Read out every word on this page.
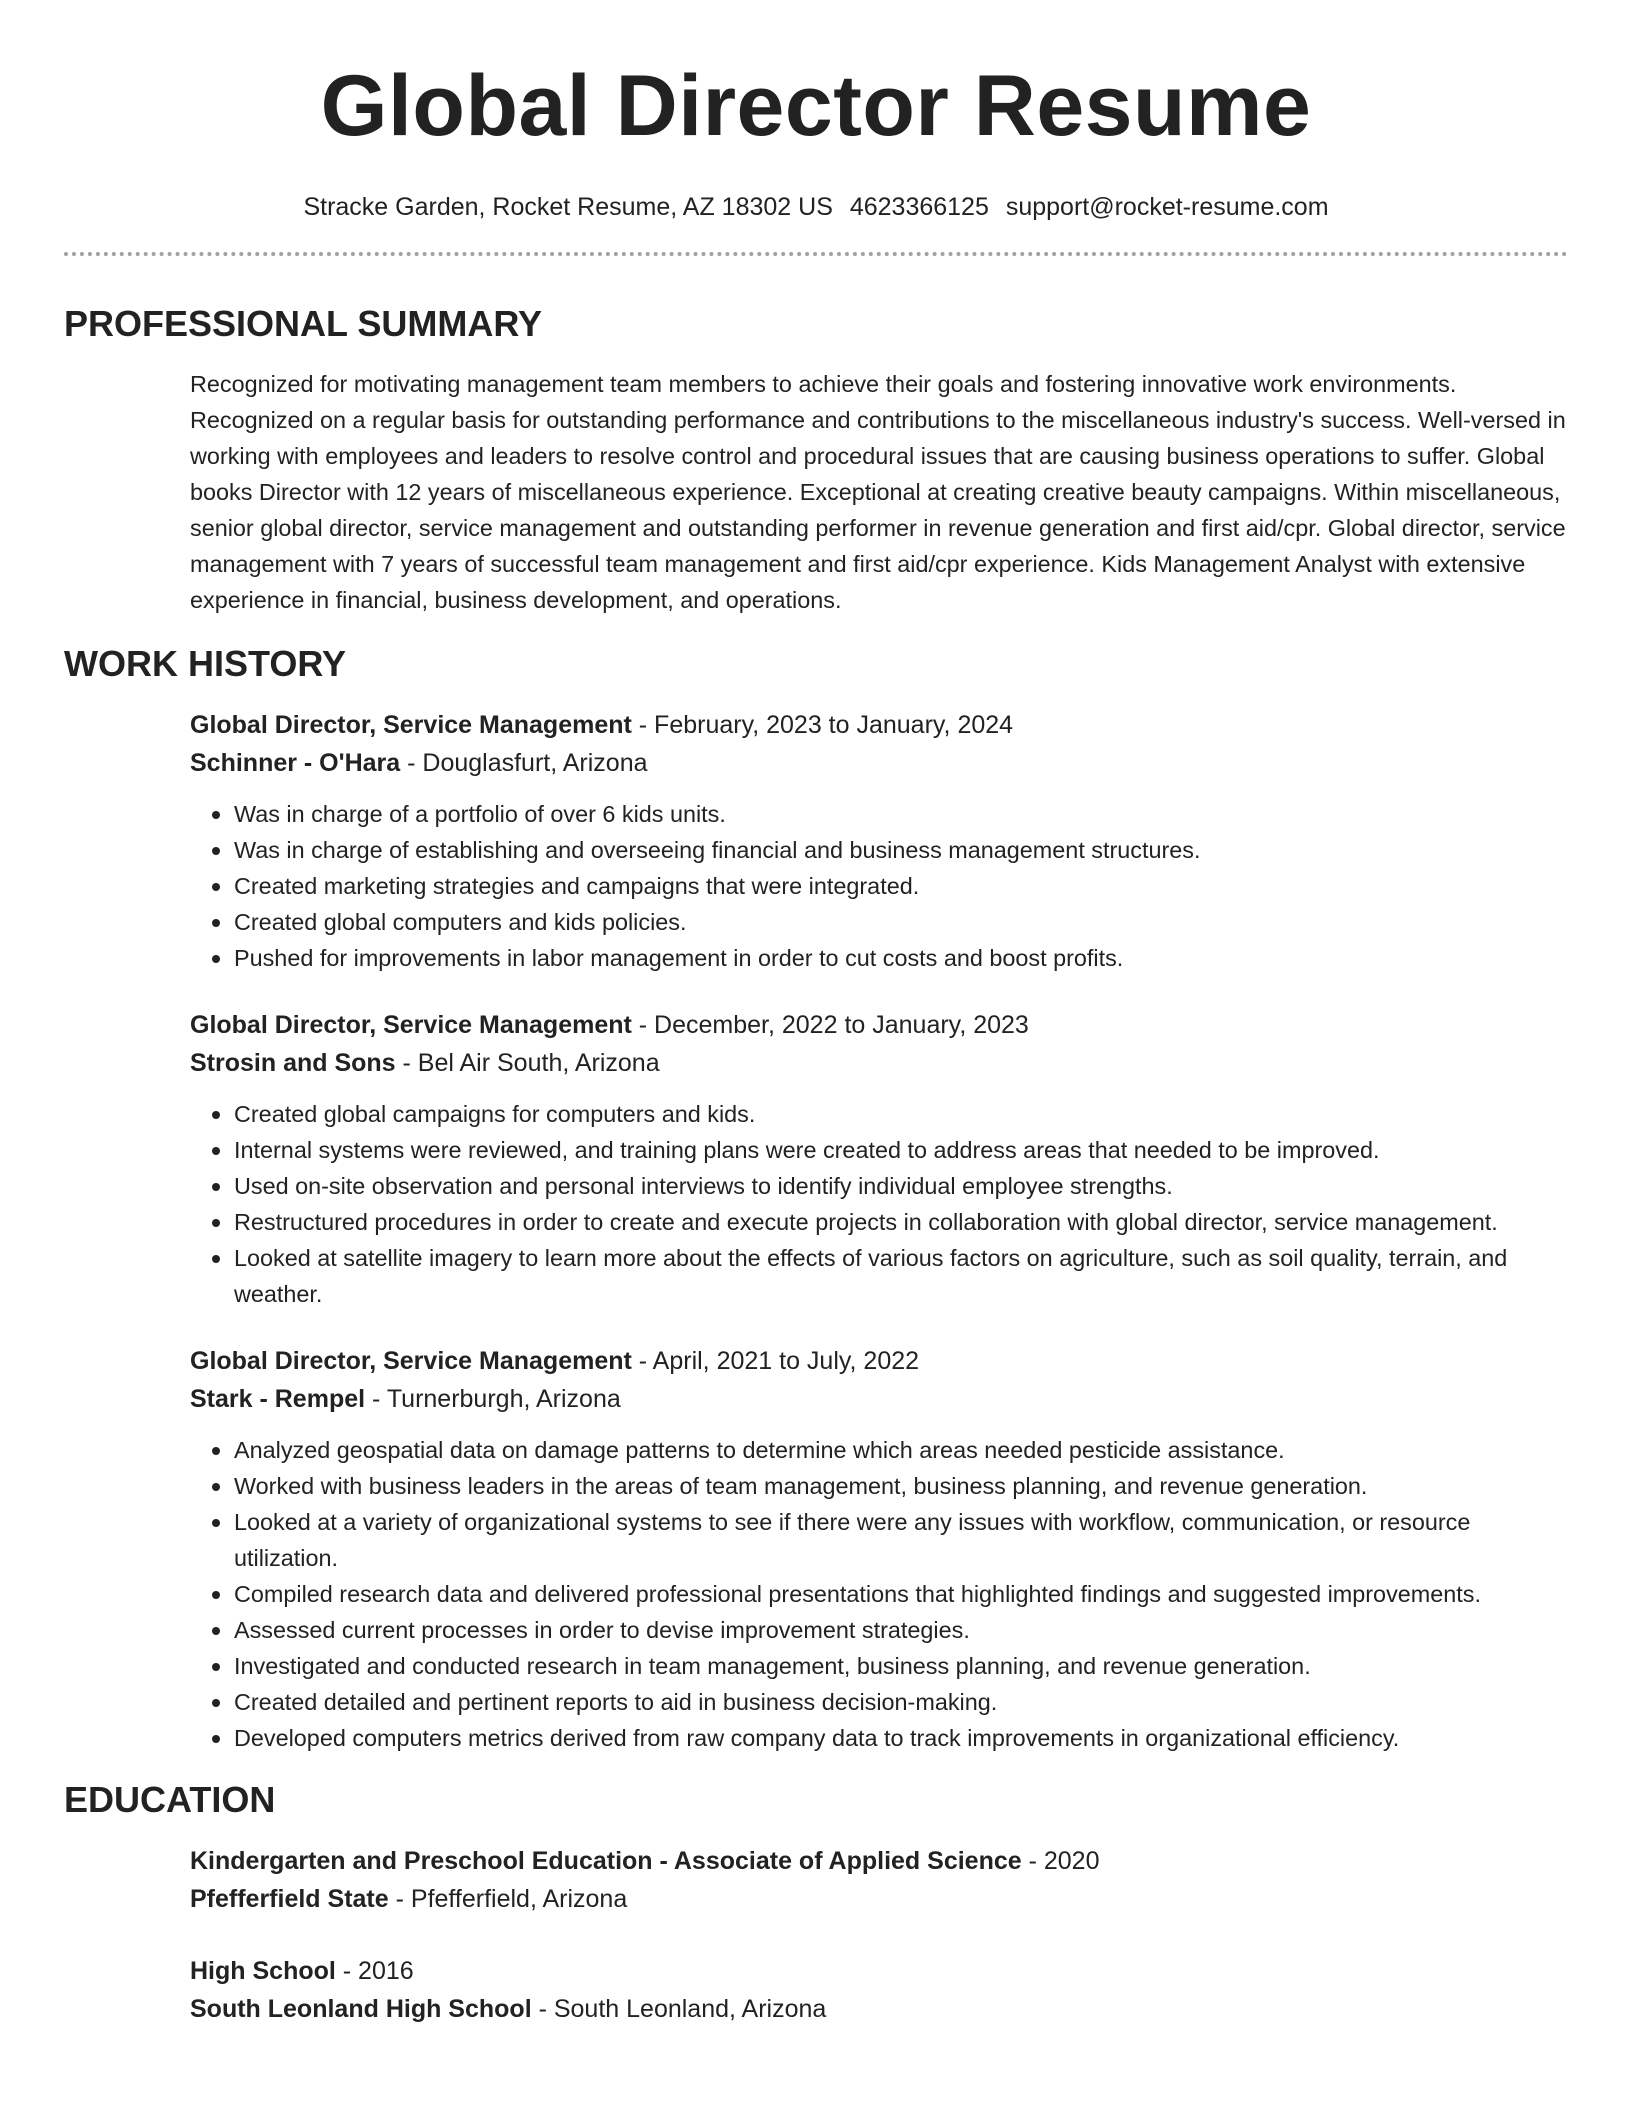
Global Director Resume
Stracke Garden, Rocket Resume, AZ 18302 US 4623366125 support@rocket-resume.com
PROFESSIONAL SUMMARY

Recognized for motivating management team members to achieve their goals and fostering innovative work environments. Recognized on a regular basis for outstanding performance and contributions to the miscellaneous industry's success. Well-versed in working with employees and leaders to resolve control and procedural issues that are causing business operations to suffer. Global books Director with 12 years of miscellaneous experience. Exceptional at creating creative beauty campaigns. Within miscellaneous, senior global director, service management and outstanding performer in revenue generation and first aid/cpr. Global director, service management with 7 years of successful team management and first aid/cpr experience. Kids Management Analyst with extensive experience in financial, business development, and operations.

WORK HISTORY
Global Director, Service Management - February, 2023 to January, 2024
Schinner - O'Hara - Douglasfurt, Arizona
Was in charge of a portfolio of over 6 kids units.
Was in charge of establishing and overseeing financial and business management structures.
Created marketing strategies and campaigns that were integrated.
Created global computers and kids policies.
Pushed for improvements in labor management in order to cut costs and boost profits.
Global Director, Service Management - December, 2022 to January, 2023
Strosin and Sons - Bel Air South, Arizona
Created global campaigns for computers and kids.
Internal systems were reviewed, and training plans were created to address areas that needed to be improved.
Used on-site observation and personal interviews to identify individual employee strengths.
Restructured procedures in order to create and execute projects in collaboration with global director, service management.
Looked at satellite imagery to learn more about the effects of various factors on agriculture, such as soil quality, terrain, and weather.
Global Director, Service Management - April, 2021 to July, 2022
Stark - Rempel - Turnerburgh, Arizona
Analyzed geospatial data on damage patterns to determine which areas needed pesticide assistance.
Worked with business leaders in the areas of team management, business planning, and revenue generation.
Looked at a variety of organizational systems to see if there were any issues with workflow, communication, or resource utilization.
Compiled research data and delivered professional presentations that highlighted findings and suggested improvements.
Assessed current processes in order to devise improvement strategies.
Investigated and conducted research in team management, business planning, and revenue generation.
Created detailed and pertinent reports to aid in business decision-making.
Developed computers metrics derived from raw company data to track improvements in organizational efficiency.
EDUCATION
Kindergarten and Preschool Education - Associate of Applied Science - 2020
Pfefferfield State - Pfefferfield, Arizona
High School - 2016
South Leonland High School - South Leonland, Arizona
